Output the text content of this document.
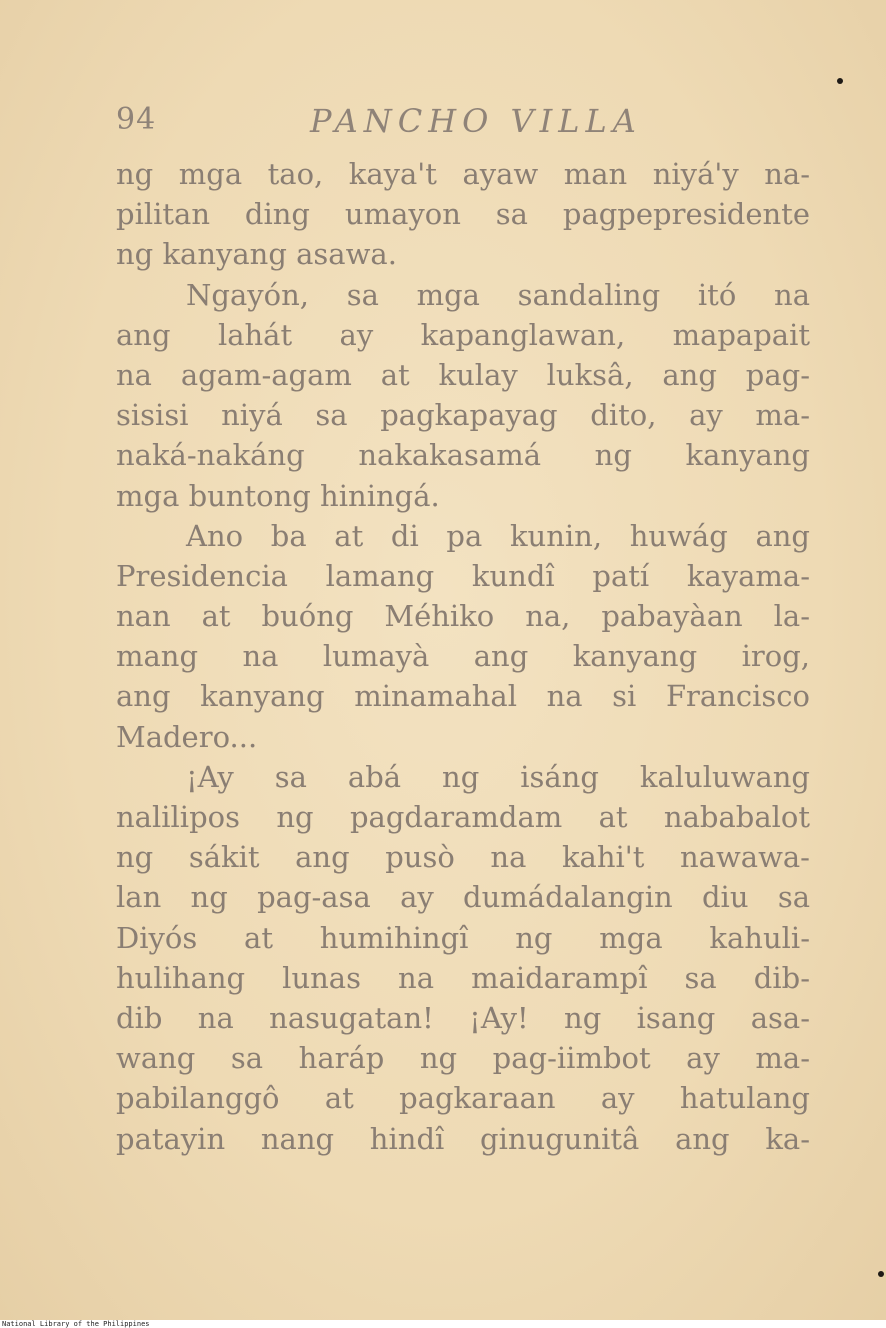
94	PANCHO VILLA
ng mga tao, kaya't ayaw man niyá'y na-
pilitan ding umayon sa pagpepresidente
ng kanyang asawa.
Ngayón, sa mga sandaling itó na
ang lahát ay kapanglawan, mapapait
na agam-agam at kulay luksâ, ang pag-
sisisi niyá sa pagkapayag dito, ay ma-
naká-nakáng nakakasamá ng kanyang
mga buntong hiningá.
Ano ba at di pa kunin, huwág ang
Presidencia lamang kundî patí kayama-
nan at buóng Méhiko na, pabayàan la-
mang na lumayà ang kanyang irog,
ang kanyang minamahal na si Francisco
Madero...
¡Ay sa abá ng isáng kaluluwang
nalilipos ng pagdaramdam at nababalot
ng sákit ang pusò na kahi't nawawa-
lan ng pag-asa ay dumádalangin diu sa
Diyós at humihingî ng mga kahuli-
hulihang lunas na maidarampî sa dib-
dib na nasugatan! ¡Ay! ng isang asa-
wang sa haráp ng pag-iimbot ay ma-
pabilanggô at pagkaraan ay hatulang
patayin nang hindî ginugunitâ ang ka-
National Library of the Philippines
